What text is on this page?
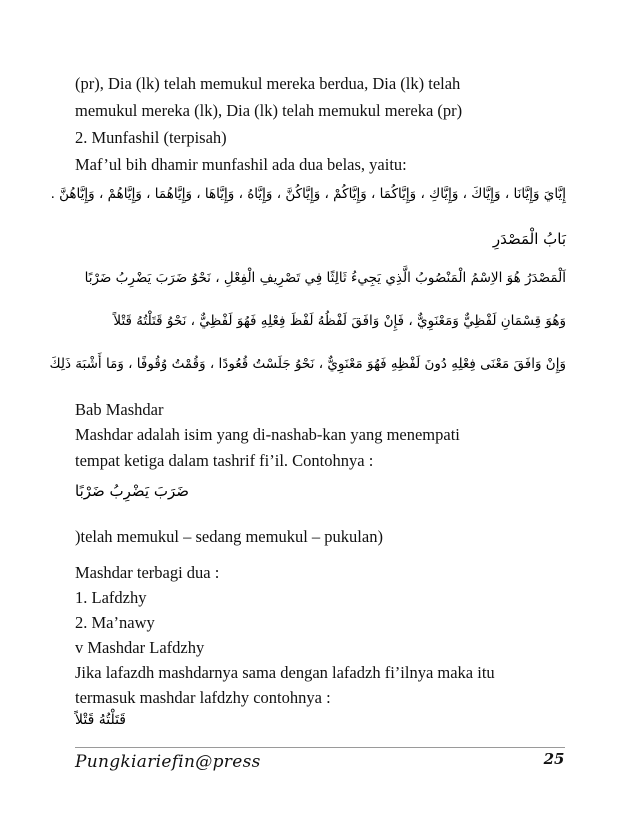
(pr), Dia (lk) telah memukul mereka berdua, Dia (lk) telah
memukul mereka (lk), Dia (lk) telah memukul mereka (pr)
2. Munfashil (terpisah)
Maf’ul bih dhamir munfashil ada dua belas, yaitu:
إِيَّايَ وَإِيَّانَا ، وَإِيَّاكَ ، وَإِيَّاكِ ، وَإِيَّاكُمَا ، وَإِيَّاكُمْ ، وَإِيَّاكُنَّ ، وَإِيَّاهُ ، وَإِيَّاهَا ، وَإِيَّاهُمَا ، وَإِيَّاهُمْ ، وَإِيَّاهُنَّ .
بَابُ الْمَصْدَرِ
اَلْمَصْدَرُ هُوَ الاِسْمُ الْمَنْصُوبُ الَّذِي يَجِيءُ ثَالِثًا فِي تَصْرِيفِ الْفِعْلِ ، نَحْوُ ضَرَبَ يَضْرِبُ ضَرْبًا
وَهُوَ قِسْمَانِ لَفْظِيٌّ وَمَعْنَوِيٌّ ، فَإِنْ وَافَقَ لَفْظُهُ لَفْظَ فِعْلِهِ فَهُوَ لَفْظِيٌّ ، نَحْوُ قَتَلْتُهُ قَتْلاً
وَإِنْ وَافَقَ مَعْنَى فِعْلِهِ دُونَ لَفْظِهِ فَهُوَ مَعْنَوِيٌّ ، نَحْوُ جَلَسْتُ قُعُودًا ، وَقُمْتُ وُقُوفًا ، وَمَا أَشْبَهَ ذَلِكَ
Bab Mashdar
Mashdar adalah isim yang di-nashab-kan yang menempati
tempat ketiga dalam tashrif fi’il. Contohnya :
ضَرَبَ يَضْرِبُ ضَرْبًا
)telah memukul – sedang memukul – pukulan)
Mashdar terbagi dua :
1. Lafdzhy
2. Ma’nawy
v Mashdar Lafdzhy
Jika lafazdh mashdarnya sama dengan lafadzh fi’ilnya maka itu
termasuk mashdar lafdzhy contohnya :
قَتَلْتُهُ قَتْلاً
Pungkiariefin@press	25
